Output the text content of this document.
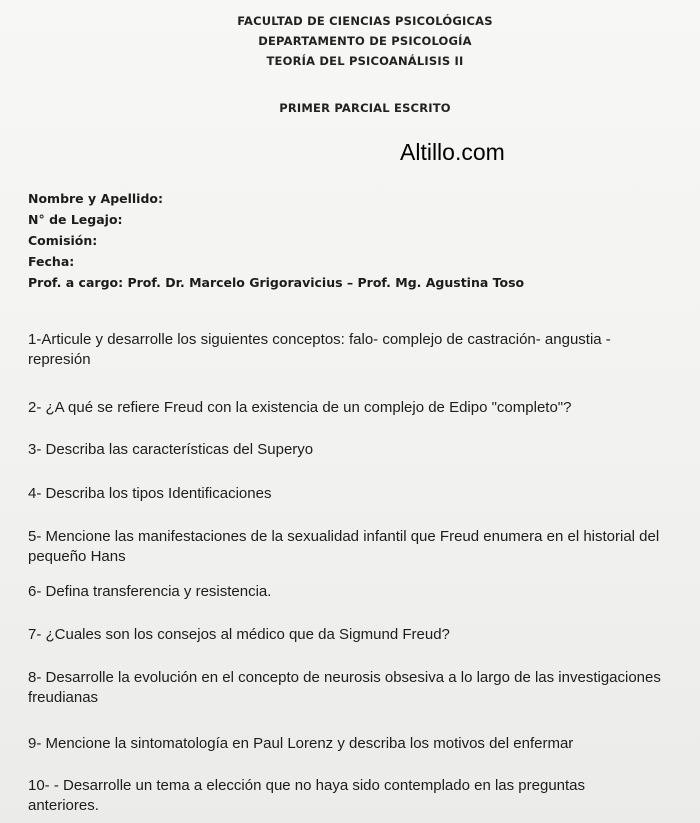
FACULTAD DE CIENCIAS PSICOLÓGICAS
DEPARTAMENTO DE PSICOLOGÍA
TEORÍA DEL PSICOANÁLISIS II
PRIMER PARCIAL ESCRITO
Altillo.com
Nombre y Apellido:
N° de Legajo:
Comisión:
Fecha:
Prof. a cargo: Prof. Dr. Marcelo Grigoravicius – Prof. Mg. Agustina Toso
1-Articule y desarrolle los siguientes conceptos: falo- complejo de castración- angustia - represión
2- ¿A qué se refiere Freud con la existencia de un complejo de Edipo "completo"?
3- Describa las características del Superyo
4- Describa los tipos Identificaciones
5- Mencione las manifestaciones de la sexualidad infantil que Freud enumera en el historial del pequeño Hans
6- Defina transferencia y resistencia.
7- ¿Cuales son los consejos al médico que da Sigmund Freud?
8- Desarrolle la evolución en el concepto de neurosis obsesiva a lo largo de las investigaciones freudianas
9- Mencione la sintomatología en Paul Lorenz y describa los motivos del enfermar
10- - Desarrolle un tema a elección que no haya sido contemplado en las preguntas anteriores.
